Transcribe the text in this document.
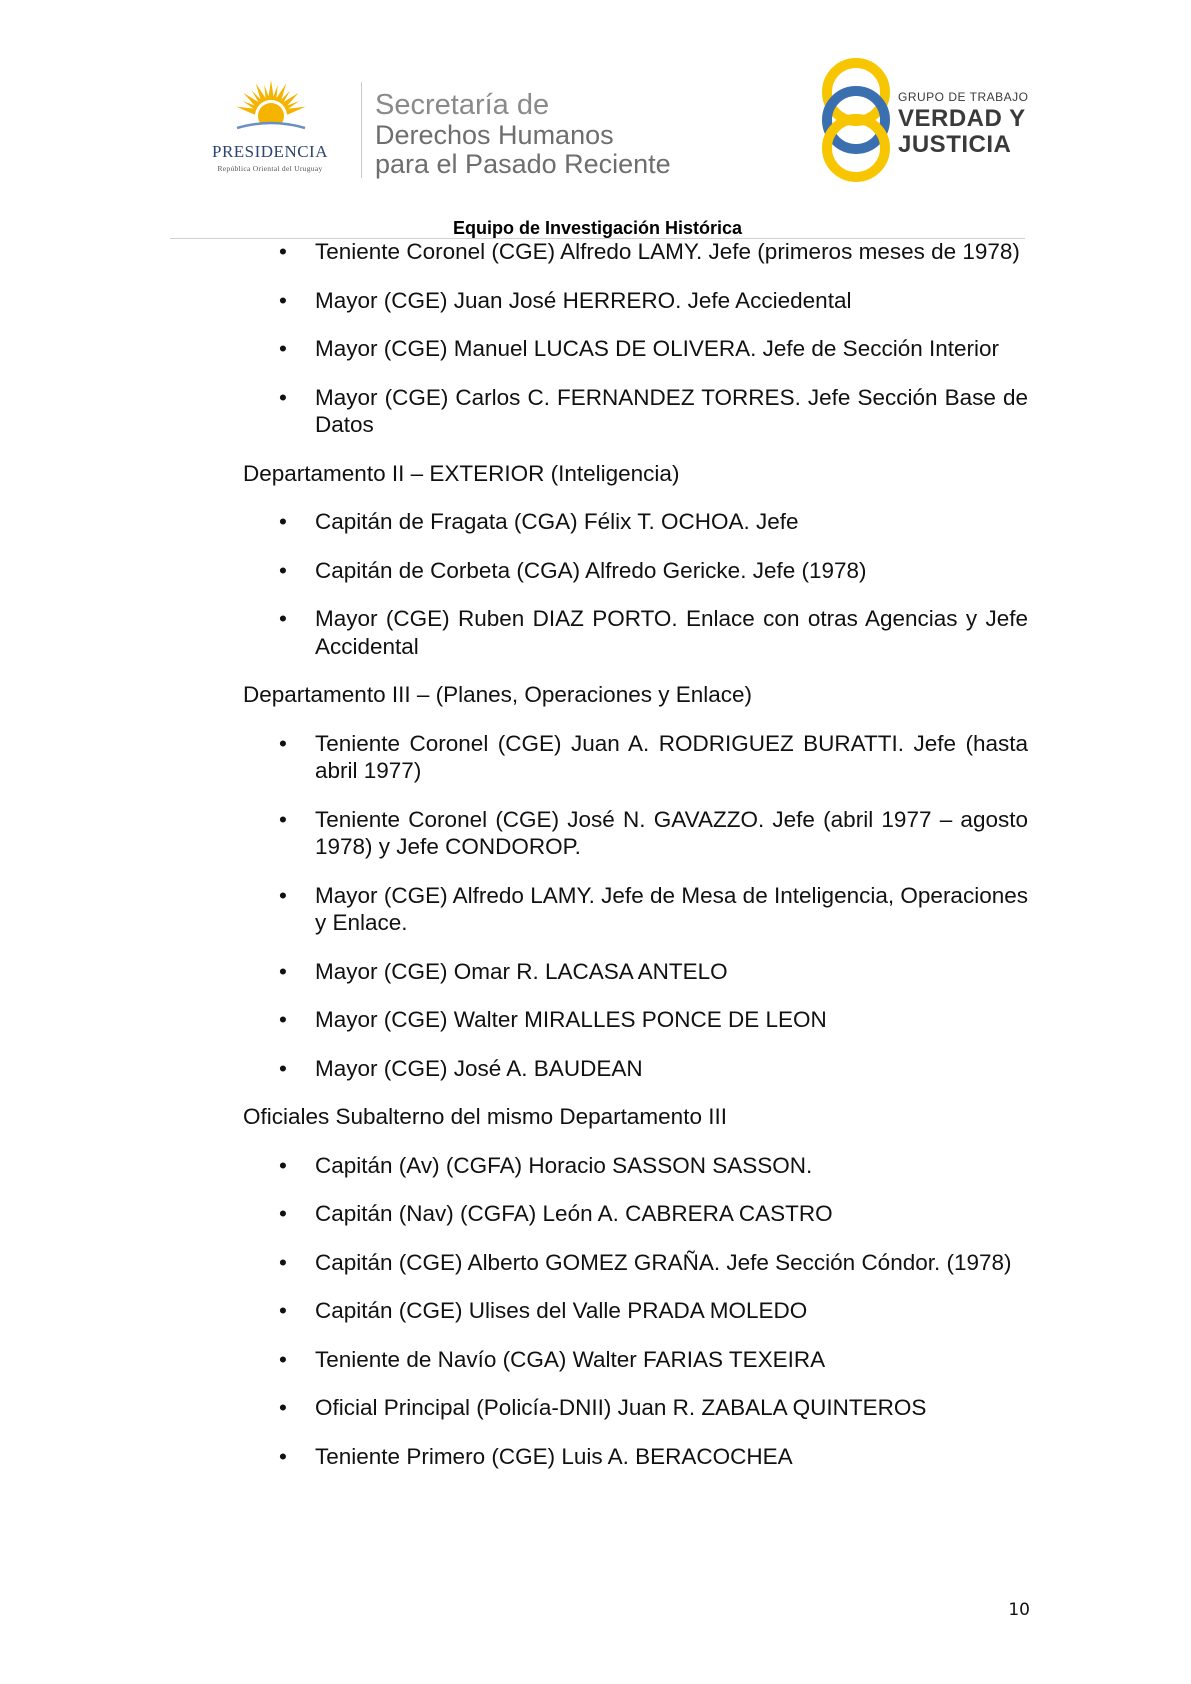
PRESIDENCIA
República Oriental del Uruguay
Secretaría de
Derechos Humanos
para el Pasado Reciente
GRUPO DE TRABAJO
VERDAD Y
JUSTICIA
Equipo de Investigación Histórica
• Teniente Coronel (CGE) Alfredo LAMY. Jefe (primeros meses de 1978)
• Mayor (CGE) Juan José HERRERO. Jefe Acciedental
• Mayor (CGE) Manuel LUCAS DE OLIVERA. Jefe de Sección Interior
• Mayor (CGE) Carlos C. FERNANDEZ TORRES. Jefe Sección Base de Datos
Departamento II – EXTERIOR (Inteligencia)
• Capitán de Fragata (CGA) Félix T. OCHOA. Jefe
• Capitán de Corbeta (CGA) Alfredo Gericke. Jefe (1978)
• Mayor (CGE) Ruben DIAZ PORTO. Enlace con otras Agencias y Jefe Accidental
Departamento III – (Planes, Operaciones y Enlace)
• Teniente Coronel (CGE) Juan A. RODRIGUEZ BURATTI. Jefe (hasta abril 1977)
• Teniente Coronel (CGE) José N. GAVAZZO. Jefe (abril 1977 – agosto 1978) y Jefe CONDOROP.
• Mayor (CGE) Alfredo LAMY. Jefe de Mesa de Inteligencia, Operaciones y Enlace.
• Mayor (CGE) Omar R. LACASA ANTELO
• Mayor (CGE) Walter MIRALLES PONCE DE LEON
• Mayor (CGE) José A. BAUDEAN
Oficiales Subalterno del mismo Departamento III
• Capitán (Av) (CGFA) Horacio SASSON SASSON.
• Capitán (Nav) (CGFA) León A. CABRERA CASTRO
• Capitán (CGE) Alberto GOMEZ GRAÑA. Jefe Sección Cóndor. (1978)
• Capitán (CGE) Ulises del Valle PRADA MOLEDO
• Teniente de Navío (CGA) Walter FARIAS TEXEIRA
• Oficial Principal (Policía-DNII) Juan R. ZABALA QUINTEROS
• Teniente Primero (CGE) Luis A. BERACOCHEA
10
